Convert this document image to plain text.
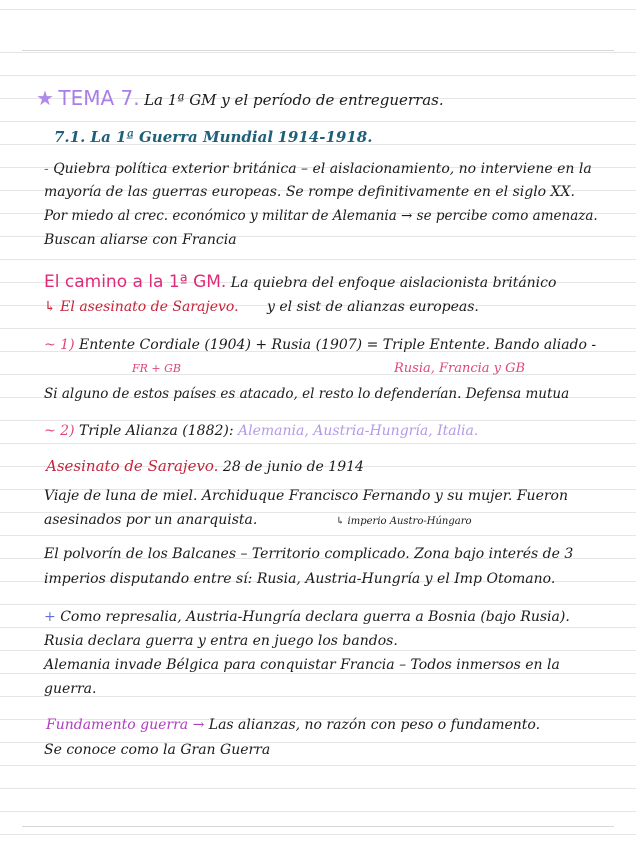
★ TEMA 7. La 1ª GM y el período de entreguerras.
7.1. La 1ª Guerra Mundial 1914-1918.
- Quiebra política exterior británica – el aislacionamiento, no interviene en la
mayoría de las guerras europeas. Se rompe definitivamente en el siglo XX.
Por miedo al crec. económico y militar de Alemania → se percibe como amenaza.
Buscan aliarse con Francia
El camino a la 1ª GM. La quiebra del enfoque aislacionista británico
↳ El asesinato de Sarajevo. y el sist de alianzas europeas.
~ 1) Entente Cordiale (1904) + Rusia (1907) = Triple Entente. Bando aliado -
FR + GB	Rusia, Francia y GB
Si alguno de estos países es atacado, el resto lo defenderían. Defensa mutua
~ 2) Triple Alianza (1882): Alemania, Austria-Hungría, Italia.
Asesinato de Sarajevo. 28 de junio de 1914
Viaje de luna de miel. Archiduque Francisco Fernando y su mujer. Fueron
asesinados por un anarquista.	↳ imperio Austro-Húngaro
El polvorín de los Balcanes – Territorio complicado. Zona bajo interés de 3
imperios disputando entre sí: Rusia, Austria-Hungría y el Imp Otomano.
+ Como represalia, Austria-Hungría declara guerra a Bosnia (bajo Rusia).
Rusia declara guerra y entra en juego los bandos.
Alemania invade Bélgica para conquistar Francia – Todos inmersos en la
guerra.
Fundamento guerra → Las alianzas, no razón con peso o fundamento.
Se conoce como la Gran Guerra
